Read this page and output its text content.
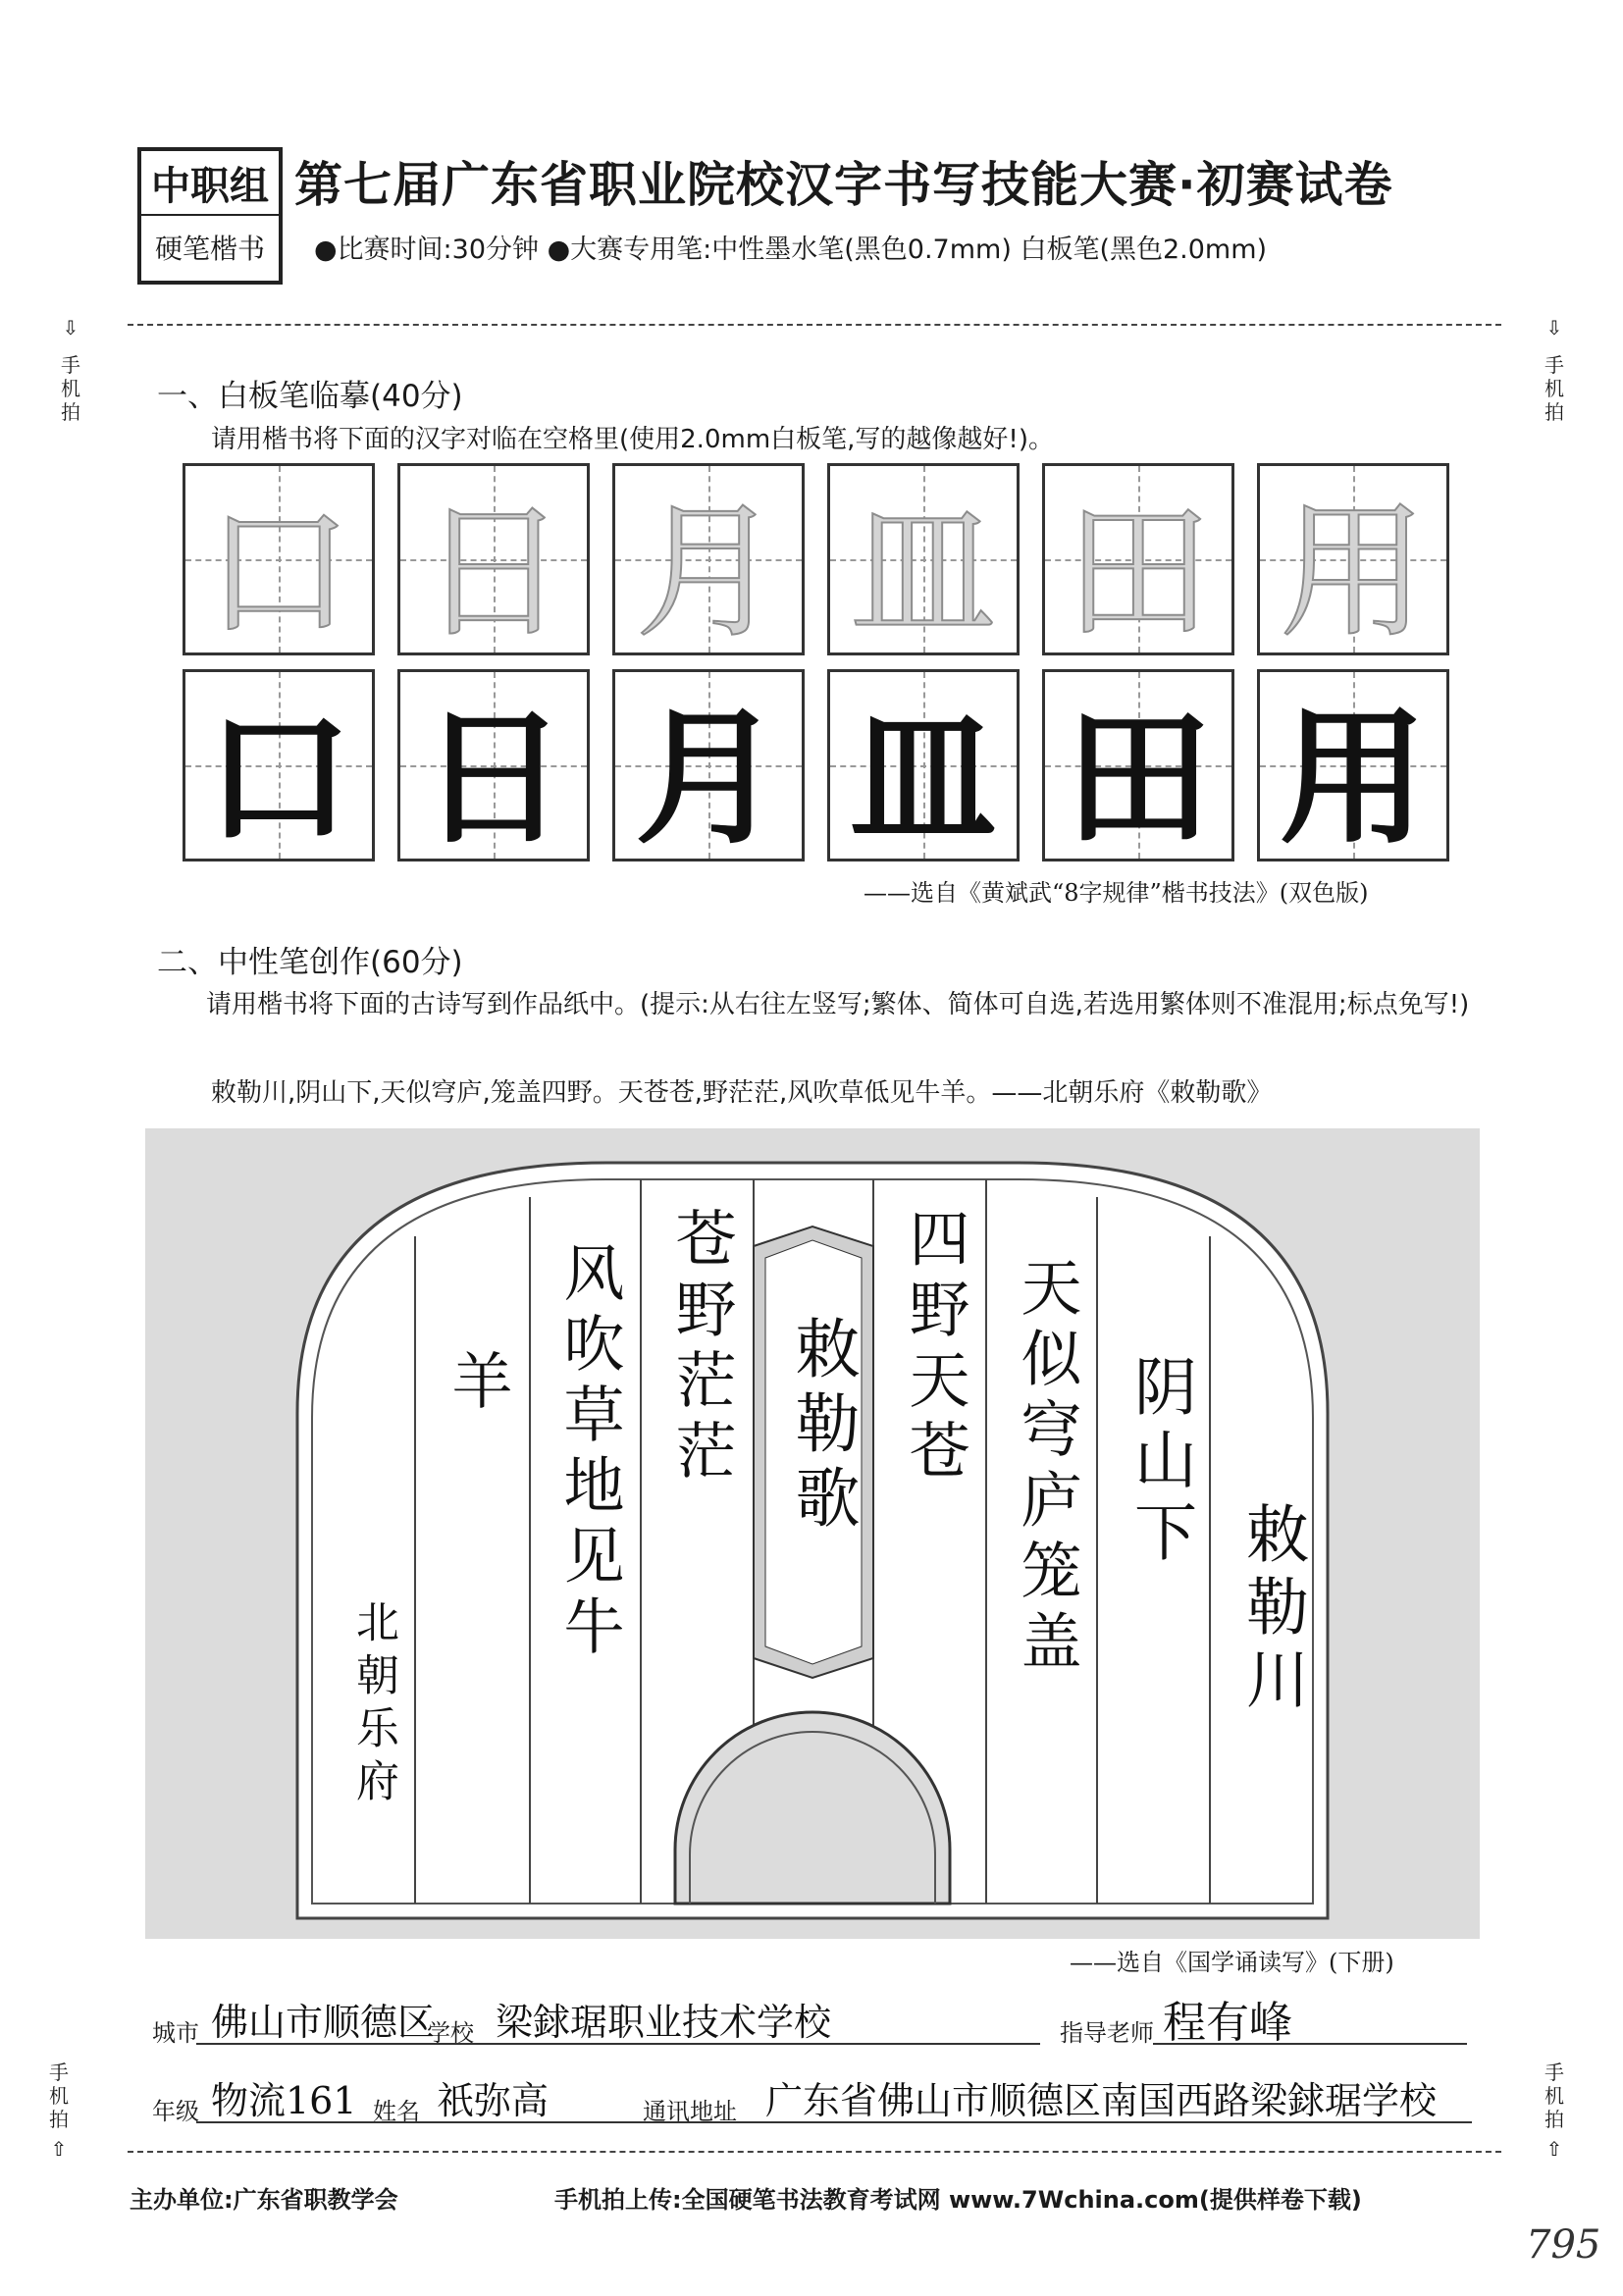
中职组
硬笔楷书
第七届广东省职业院校汉字书写技能大赛·初赛试卷
●比赛时间:30分钟 ●大赛专用笔:中性墨水笔(黑色0.7mm) 白板笔(黑色2.0mm)
⇩
手机拍
⇩
手机拍
一、白板笔临摹(40分)
请用楷书将下面的汉字对临在空格里(使用2.0mm白板笔,写的越像越好!)。
口
口
日
日
月
月
皿
皿
田
田
用
用
——选自《黄斌武“8字规律”楷书技法》(双色版)
二、中性笔创作(60分)
请用楷书将下面的古诗写到作品纸中。(提示:从右往左竖写;繁体、简体可自选,若选用繁体则不准混用;标点免写!)
敕勒川,阴山下,天似穹庐,笼盖四野。天苍苍,野茫茫,风吹草低见牛羊。——北朝乐府《敕勒歌》
敕勒川
阴山下
天似穹庐笼盖
四野天苍
敕勒歌
苍野茫茫
风吹草地见牛
羊
北朝乐府
——选自《国学诵读写》(下册)
城市 佛山市顺德区
学校 梁銶琚职业技术学校	指导老师 程有峰
年级 物流161 姓名 祇弥高	通讯地址 广东省佛山市顺德区南国西路梁銶琚学校
手机拍
⇧
手机拍
⇧
主办单位:广东省职教学会	手机拍上传:全国硬笔书法教育考试网 www.7Wchina.com(提供样卷下载)
795
